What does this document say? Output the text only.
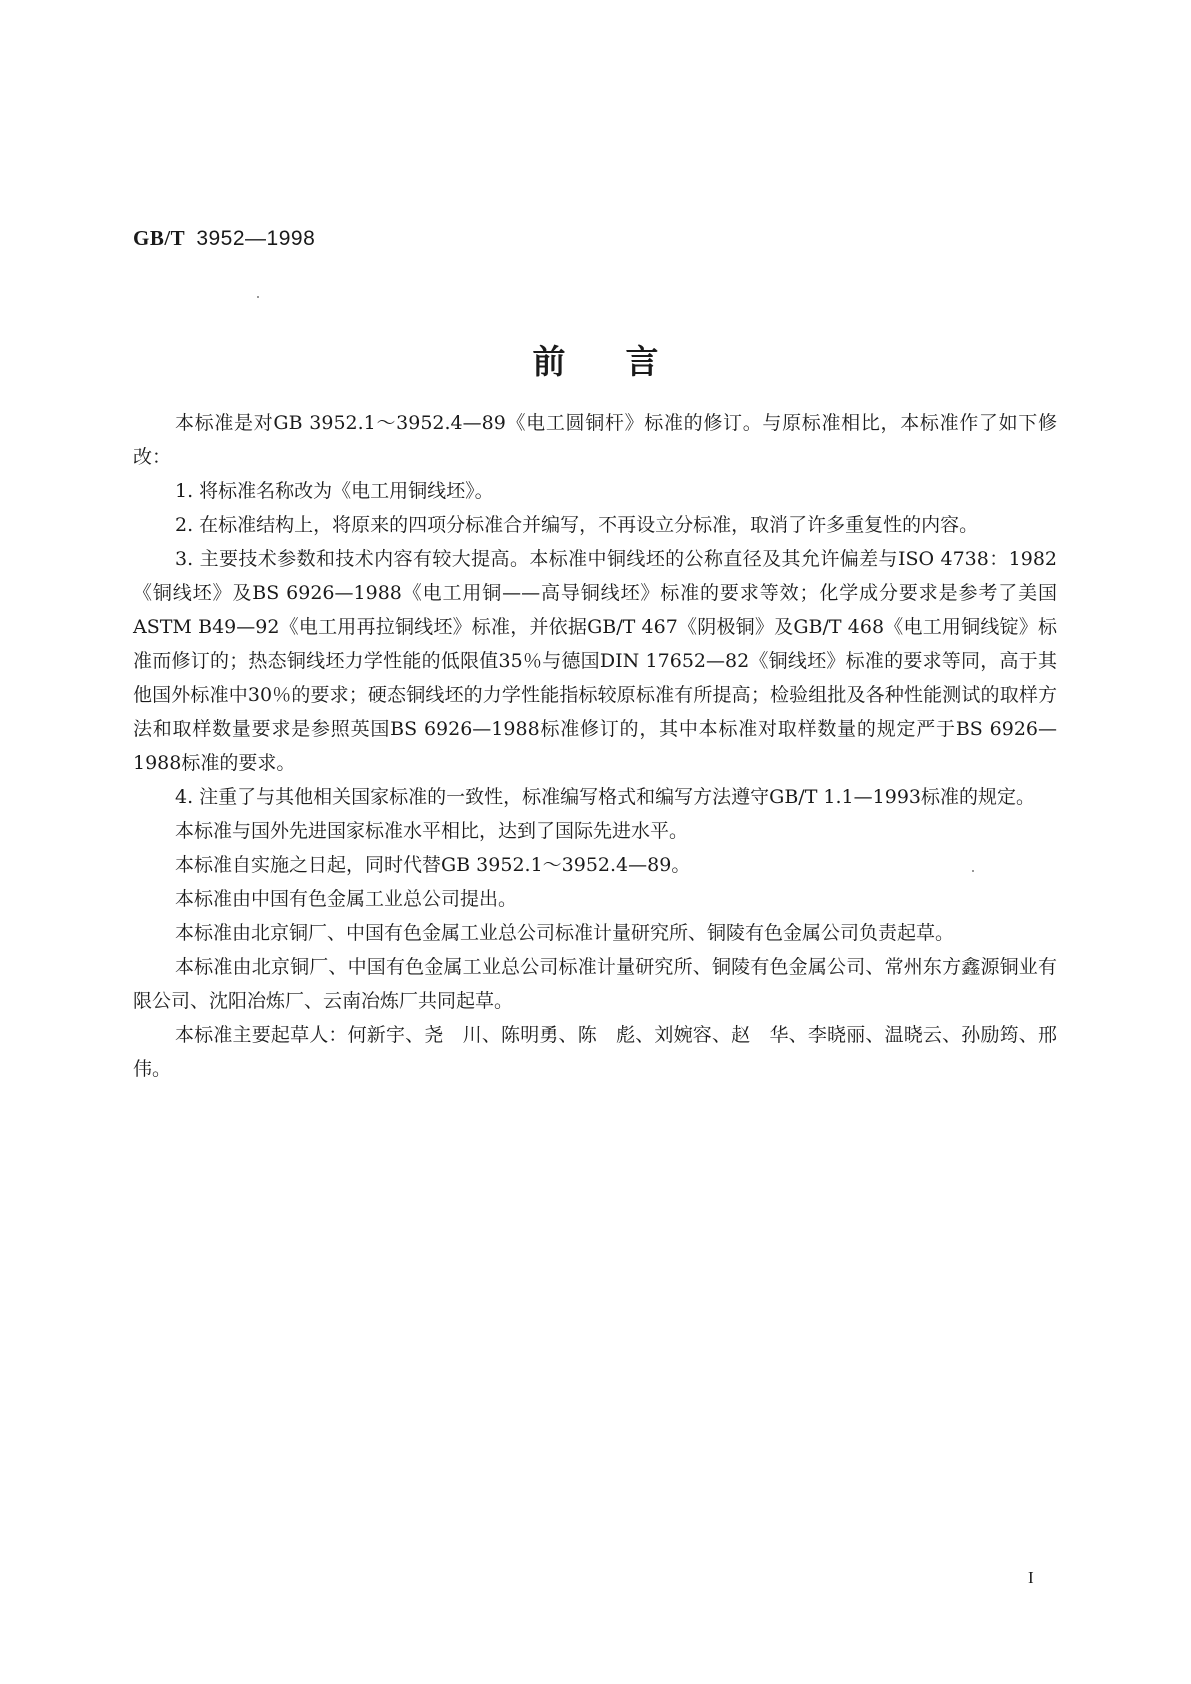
GB/T 3952—1998
前言

本标准是对GB 3952.1～3952.4—89《电工圆铜杆》标准的修订。与原标准相比，本标准作了如下修改：

1. 将标准名称改为《电工用铜线坯》。

2. 在标准结构上，将原来的四项分标准合并编写，不再设立分标准，取消了许多重复性的内容。

3. 主要技术参数和技术内容有较大提高。本标准中铜线坯的公称直径及其允许偏差与ISO 4738：1982《铜线坯》及BS 6926—1988《电工用铜——高导铜线坯》标准的要求等效；化学成分要求是参考了美国ASTM B49—92《电工用再拉铜线坯》标准，并依据GB/T 467《阴极铜》及GB/T 468《电工用铜线锭》标准而修订的；热态铜线坯力学性能的低限值35％与德国DIN 17652—82《铜线坯》标准的要求等同，高于其他国外标准中30％的要求；硬态铜线坯的力学性能指标较原标准有所提高；检验组批及各种性能测试的取样方法和取样数量要求是参照英国BS 6926—1988标准修订的，其中本标准对取样数量的规定严于BS 6926—1988标准的要求。

4. 注重了与其他相关国家标准的一致性，标准编写格式和编写方法遵守GB/T 1.1—1993标准的规定。

本标准与国外先进国家标准水平相比，达到了国际先进水平。

本标准自实施之日起，同时代替GB 3952.1～3952.4—89。

本标准由中国有色金属工业总公司提出。

本标准由北京铜厂、中国有色金属工业总公司标准计量研究所、铜陵有色金属公司负责起草。

本标准由北京铜厂、中国有色金属工业总公司标准计量研究所、铜陵有色金属公司、常州东方鑫源铜业有限公司、沈阳冶炼厂、云南冶炼厂共同起草。

本标准主要起草人：何新宇、尧　川、陈明勇、陈　彪、刘婉容、赵　华、李晓丽、温晓云、孙励筠、邢伟。

I
